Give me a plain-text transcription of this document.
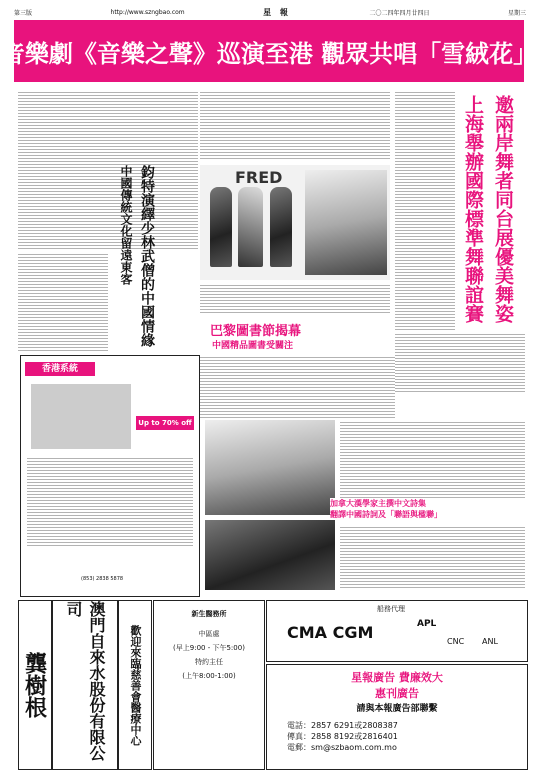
第三版	http://www.szngbao.com	星 報	二〇二四年四月廿四日	星期三
音樂劇《音樂之聲》巡演至港 觀眾共唱「雪絨花」
中國傳統文化留遠東客 鈞特演繹少林武僧的中國情緣	FRED
巴黎圖書節揭幕
中國精品圖書受關注
上海舉辦國際標準舞聯誼賽 邀兩岸舞者同台展優美舞姿
香港系統
Up to 70% off
(853) 2838 5878
加拿大漢學家主撰中文詩集
翻譯中國詩詞及「聯語與楹聯」
龔樹根	澳門自來水股份有限公司
歡迎來臨慈善會醫療中心
新生醫務所
中區處
(早上9:00 - 下午5:00)
特約主任
(上午8:00-1:00)
船務代理
CMA CGM	APL
CNC ANL
星報廣告 費廉效大
惠刊廣告
請與本報廣告部聯繫
電話：2857 6291或2808387
傳真：2858 8192或2816401
電郵：sm@szbaom.com.mo
